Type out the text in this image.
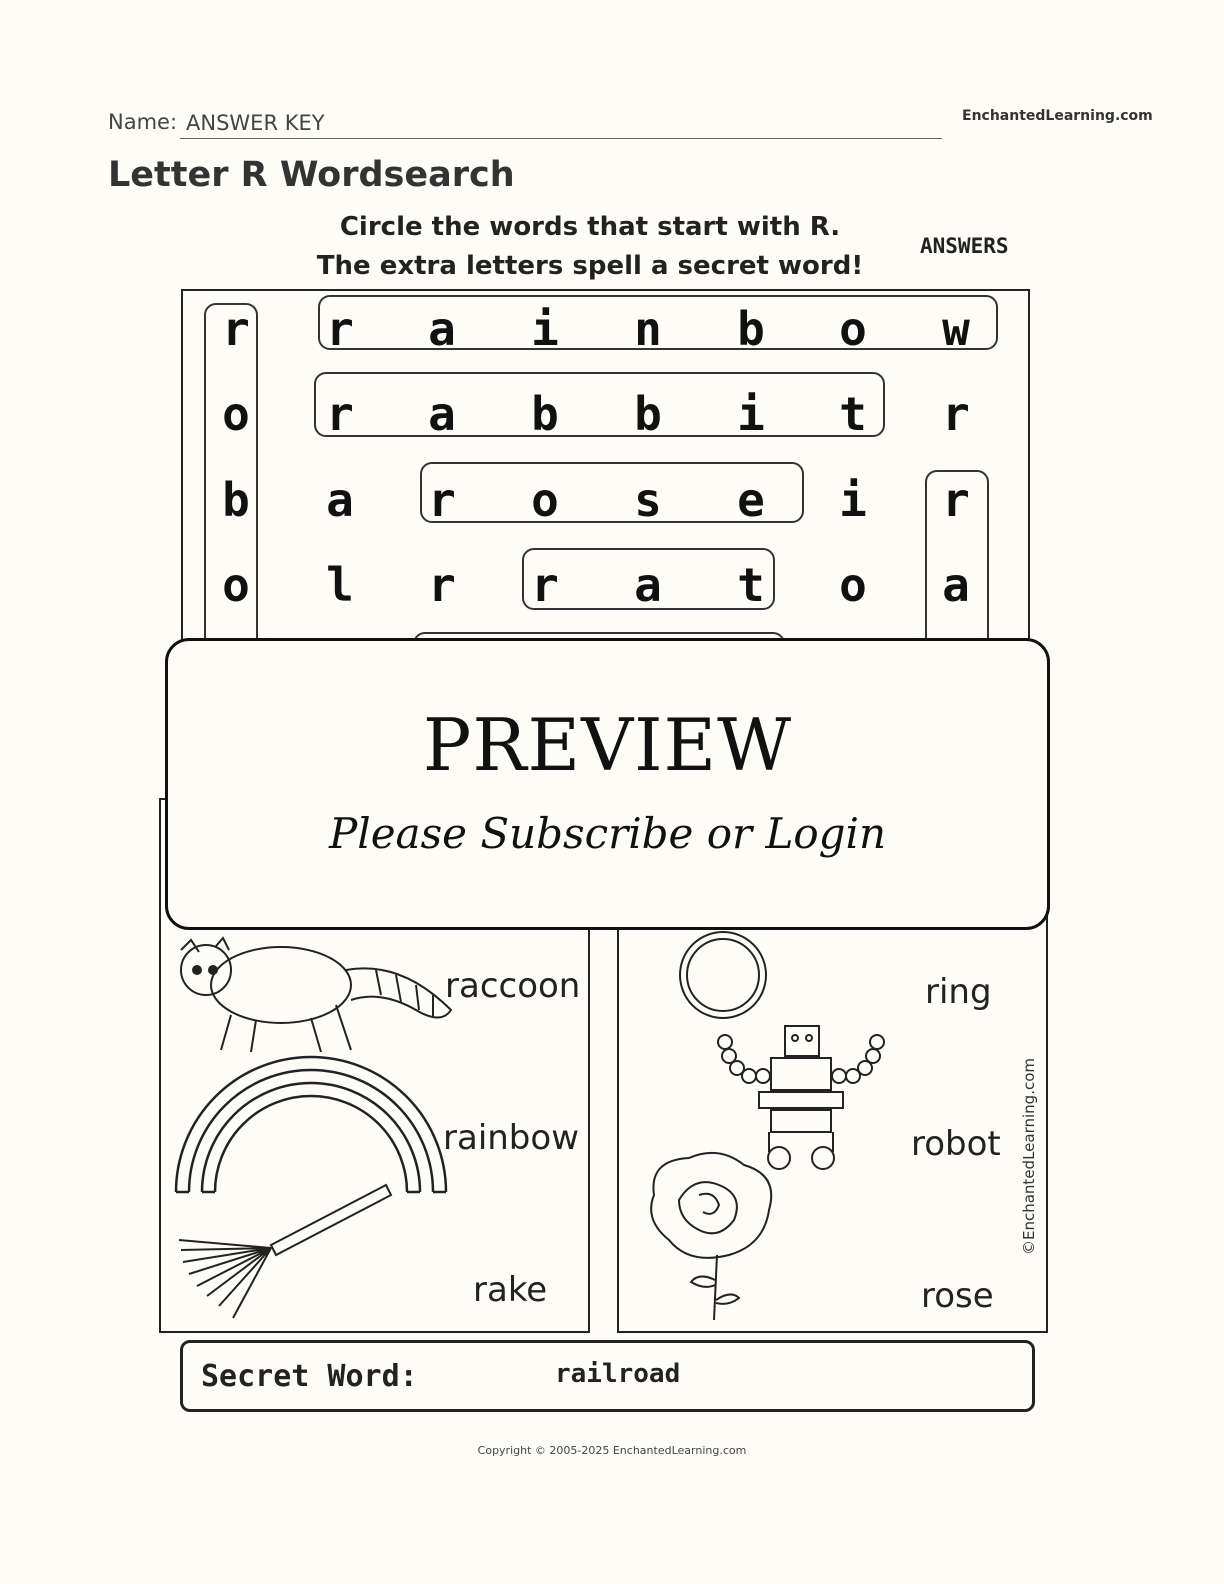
Name: ANSWER KEY	EnchantedLearning.com
Letter R Wordsearch
Circle the words that start with R.
The extra letters spell a secret word!
ANSWERS
r	r	a	i	n	b	o	w
o	r	a	b	b	i	t	r
b	a	r	o	s	e	i	r
o	l	r	r	a	t	o	a
raccoon
rainbow
rake
ring
robot
rose
©EnchantedLearning.com
PREVIEW
Please Subscribe or Login
Secret Word:	railroad
Copyright © 2005-2025 EnchantedLearning.com
